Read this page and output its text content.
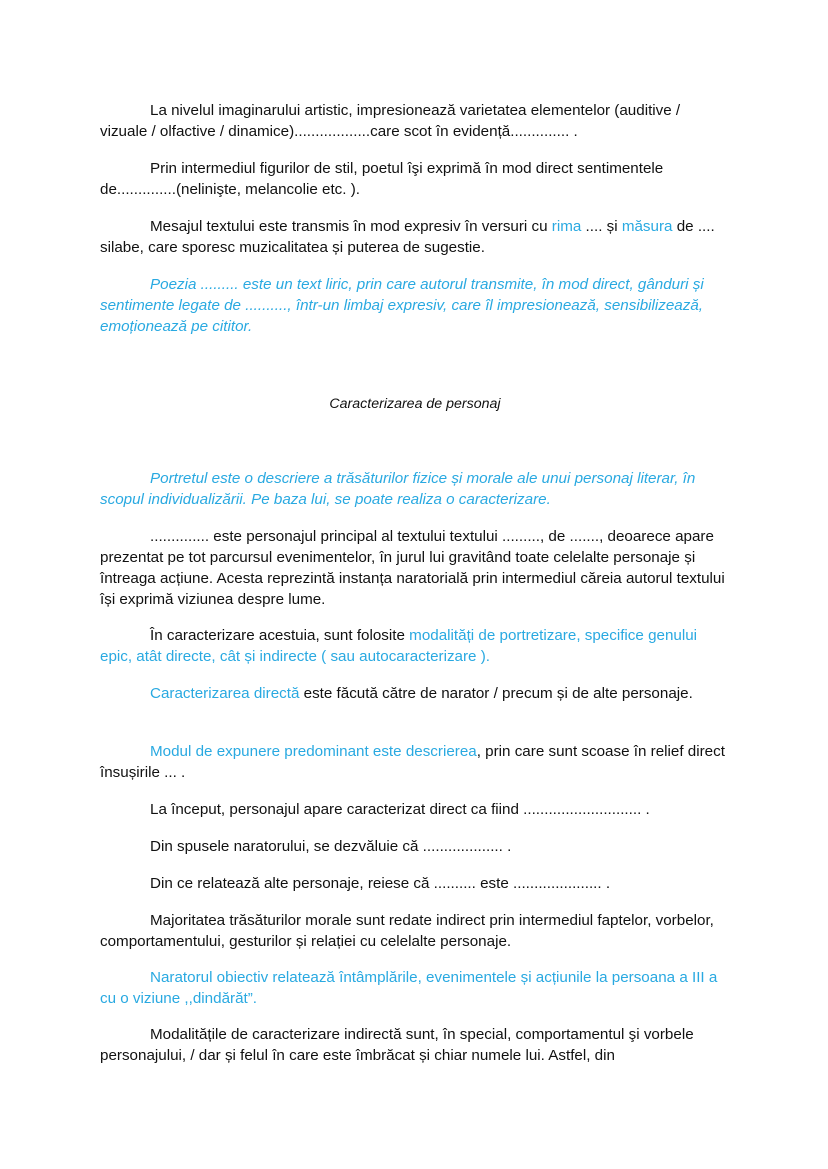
La nivelul imaginarului artistic, impresionează varietatea elementelor (auditive / vizuale / olfactive / dinamice)..................care scot în evidență.............. .

Prin intermediul figurilor de stil, poetul îşi exprimă în mod direct sentimentele de..............(nelinişte, melancolie etc. ).

Mesajul textului este transmis în mod expresiv în versuri cu rima .... și măsura de .... silabe, care sporesc muzicalitatea și puterea de sugestie.

Poezia ......... este un text liric, prin care autorul transmite, în mod direct, gânduri și sentimente legate de .........., într-un limbaj expresiv, care îl impresionează, sensibilizează, emoționează pe cititor.

Caracterizarea de personaj

Portretul este o descriere a trăsăturilor fizice și morale ale unui personaj literar, în scopul individualizării. Pe baza lui, se poate realiza o caracterizare.

.............. este personajul principal al textului textului ........., de ......., deoarece apare prezentat pe tot parcursul evenimentelor, în jurul lui gravitând toate celelalte personaje și întreaga acțiune. Acesta reprezintă instanța naratorială prin intermediul căreia autorul textului își exprimă viziunea despre lume.

În caracterizare acestuia, sunt folosite modalități de portretizare, specifice genului epic, atât directe, cât și indirecte ( sau autocaracterizare ).

Caracterizarea directă este făcută către de narator / precum și de alte personaje.

Modul de expunere predominant este descrierea, prin care sunt scoase în relief direct însușirile ... .

La început, personajul apare caracterizat direct ca fiind ............................ .

Din spusele naratorului, se dezvăluie că ................... .

Din ce relatează alte personaje, reiese că .......... este ..................... .

Majoritatea trăsăturilor morale sunt redate indirect prin intermediul faptelor, vorbelor, comportamentului, gesturilor și relației cu celelalte personaje.

Naratorul obiectiv relatează întâmplările, evenimentele și acțiunile la persoana a III a cu o viziune ,,dindărăt”.

Modalitățile de caracterizare indirectă sunt, în special, comportamentul şi vorbele personajului, / dar și felul în care este îmbrăcat și chiar numele lui. Astfel, din
